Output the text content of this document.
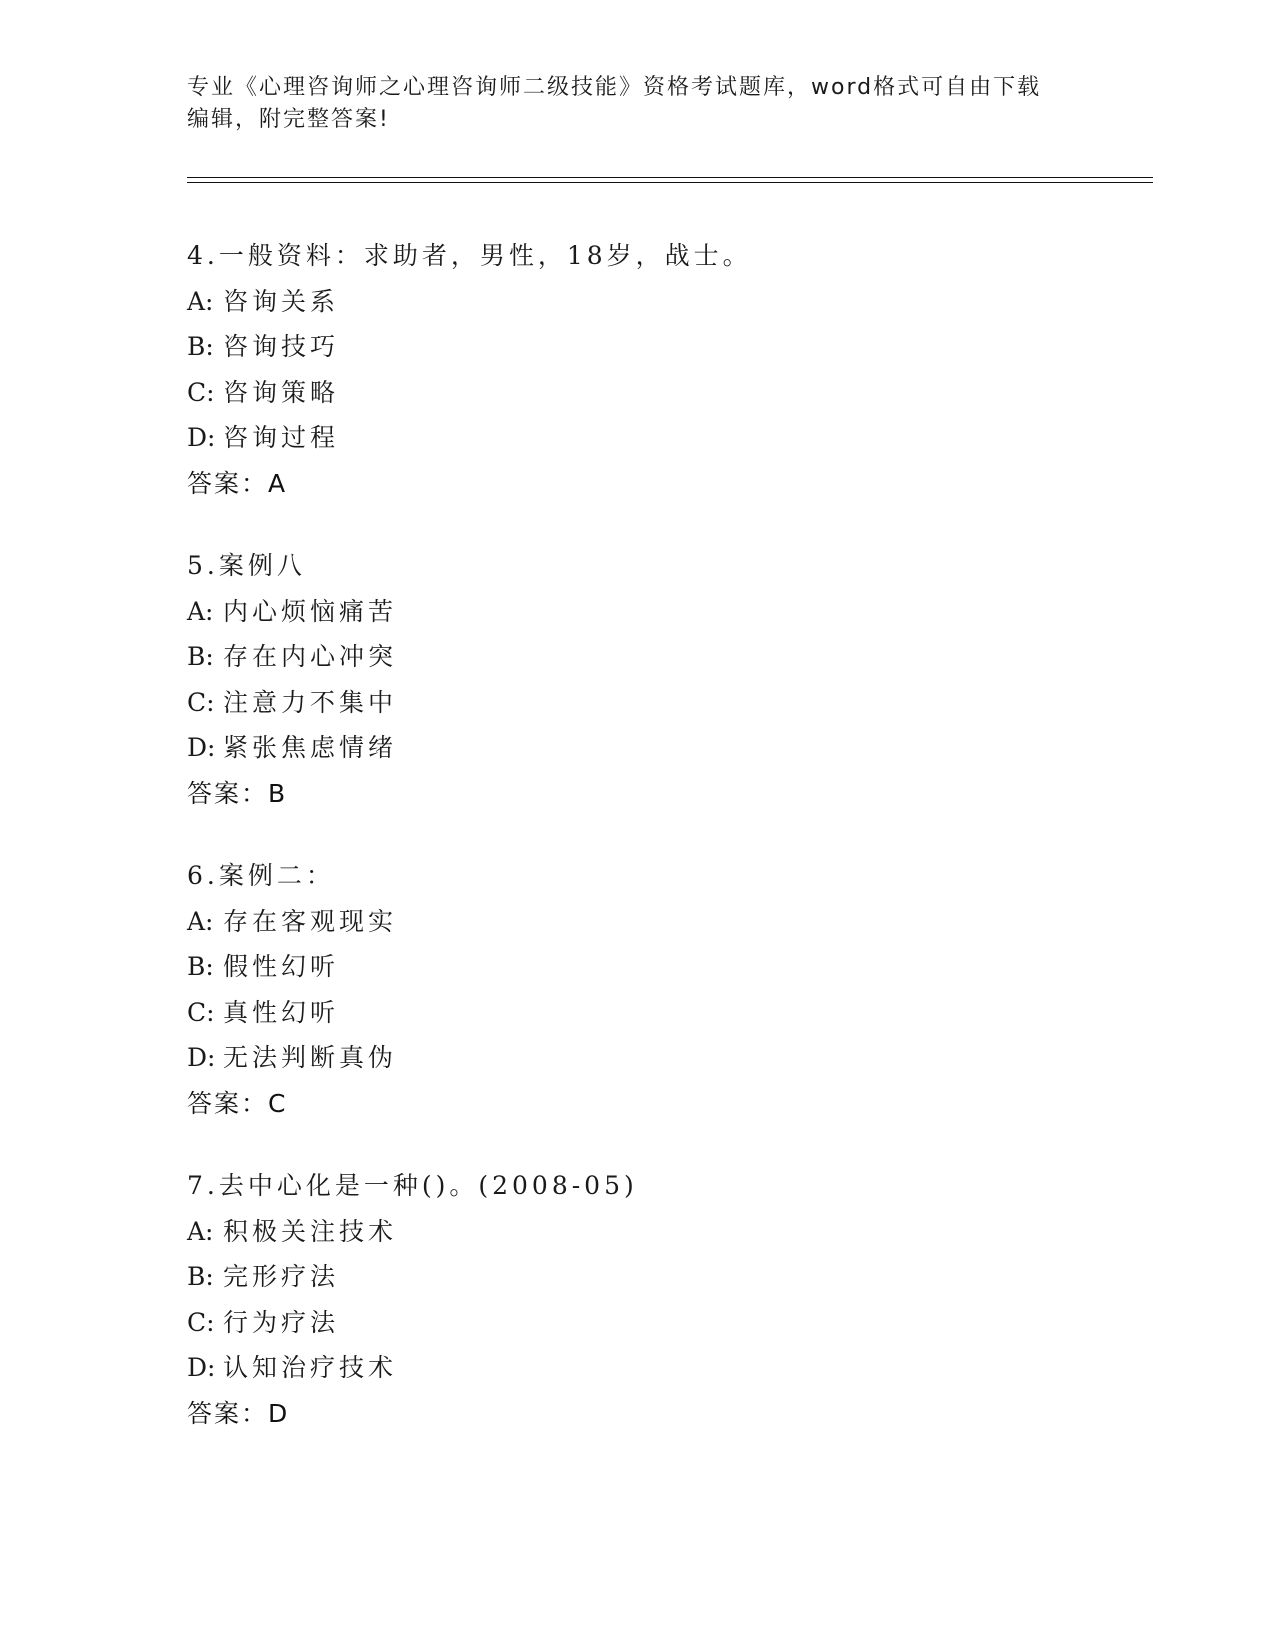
专业《心理咨询师之心理咨询师二级技能》资格考试题库，word格式可自由下载
编辑，附完整答案!
4.一般资料：求助者，男性，18岁，战士。
A: 咨询关系
B: 咨询技巧
C: 咨询策略
D: 咨询过程
答案：A
5.案例八
A: 内心烦恼痛苦
B: 存在内心冲突
C: 注意力不集中
D: 紧张焦虑情绪
答案：B
6.案例二：
A: 存在客观现实
B: 假性幻听
C: 真性幻听
D: 无法判断真伪
答案：C
7.去中心化是一种()。(2008-05)
A: 积极关注技术
B: 完形疗法
C: 行为疗法
D: 认知治疗技术
答案：D
